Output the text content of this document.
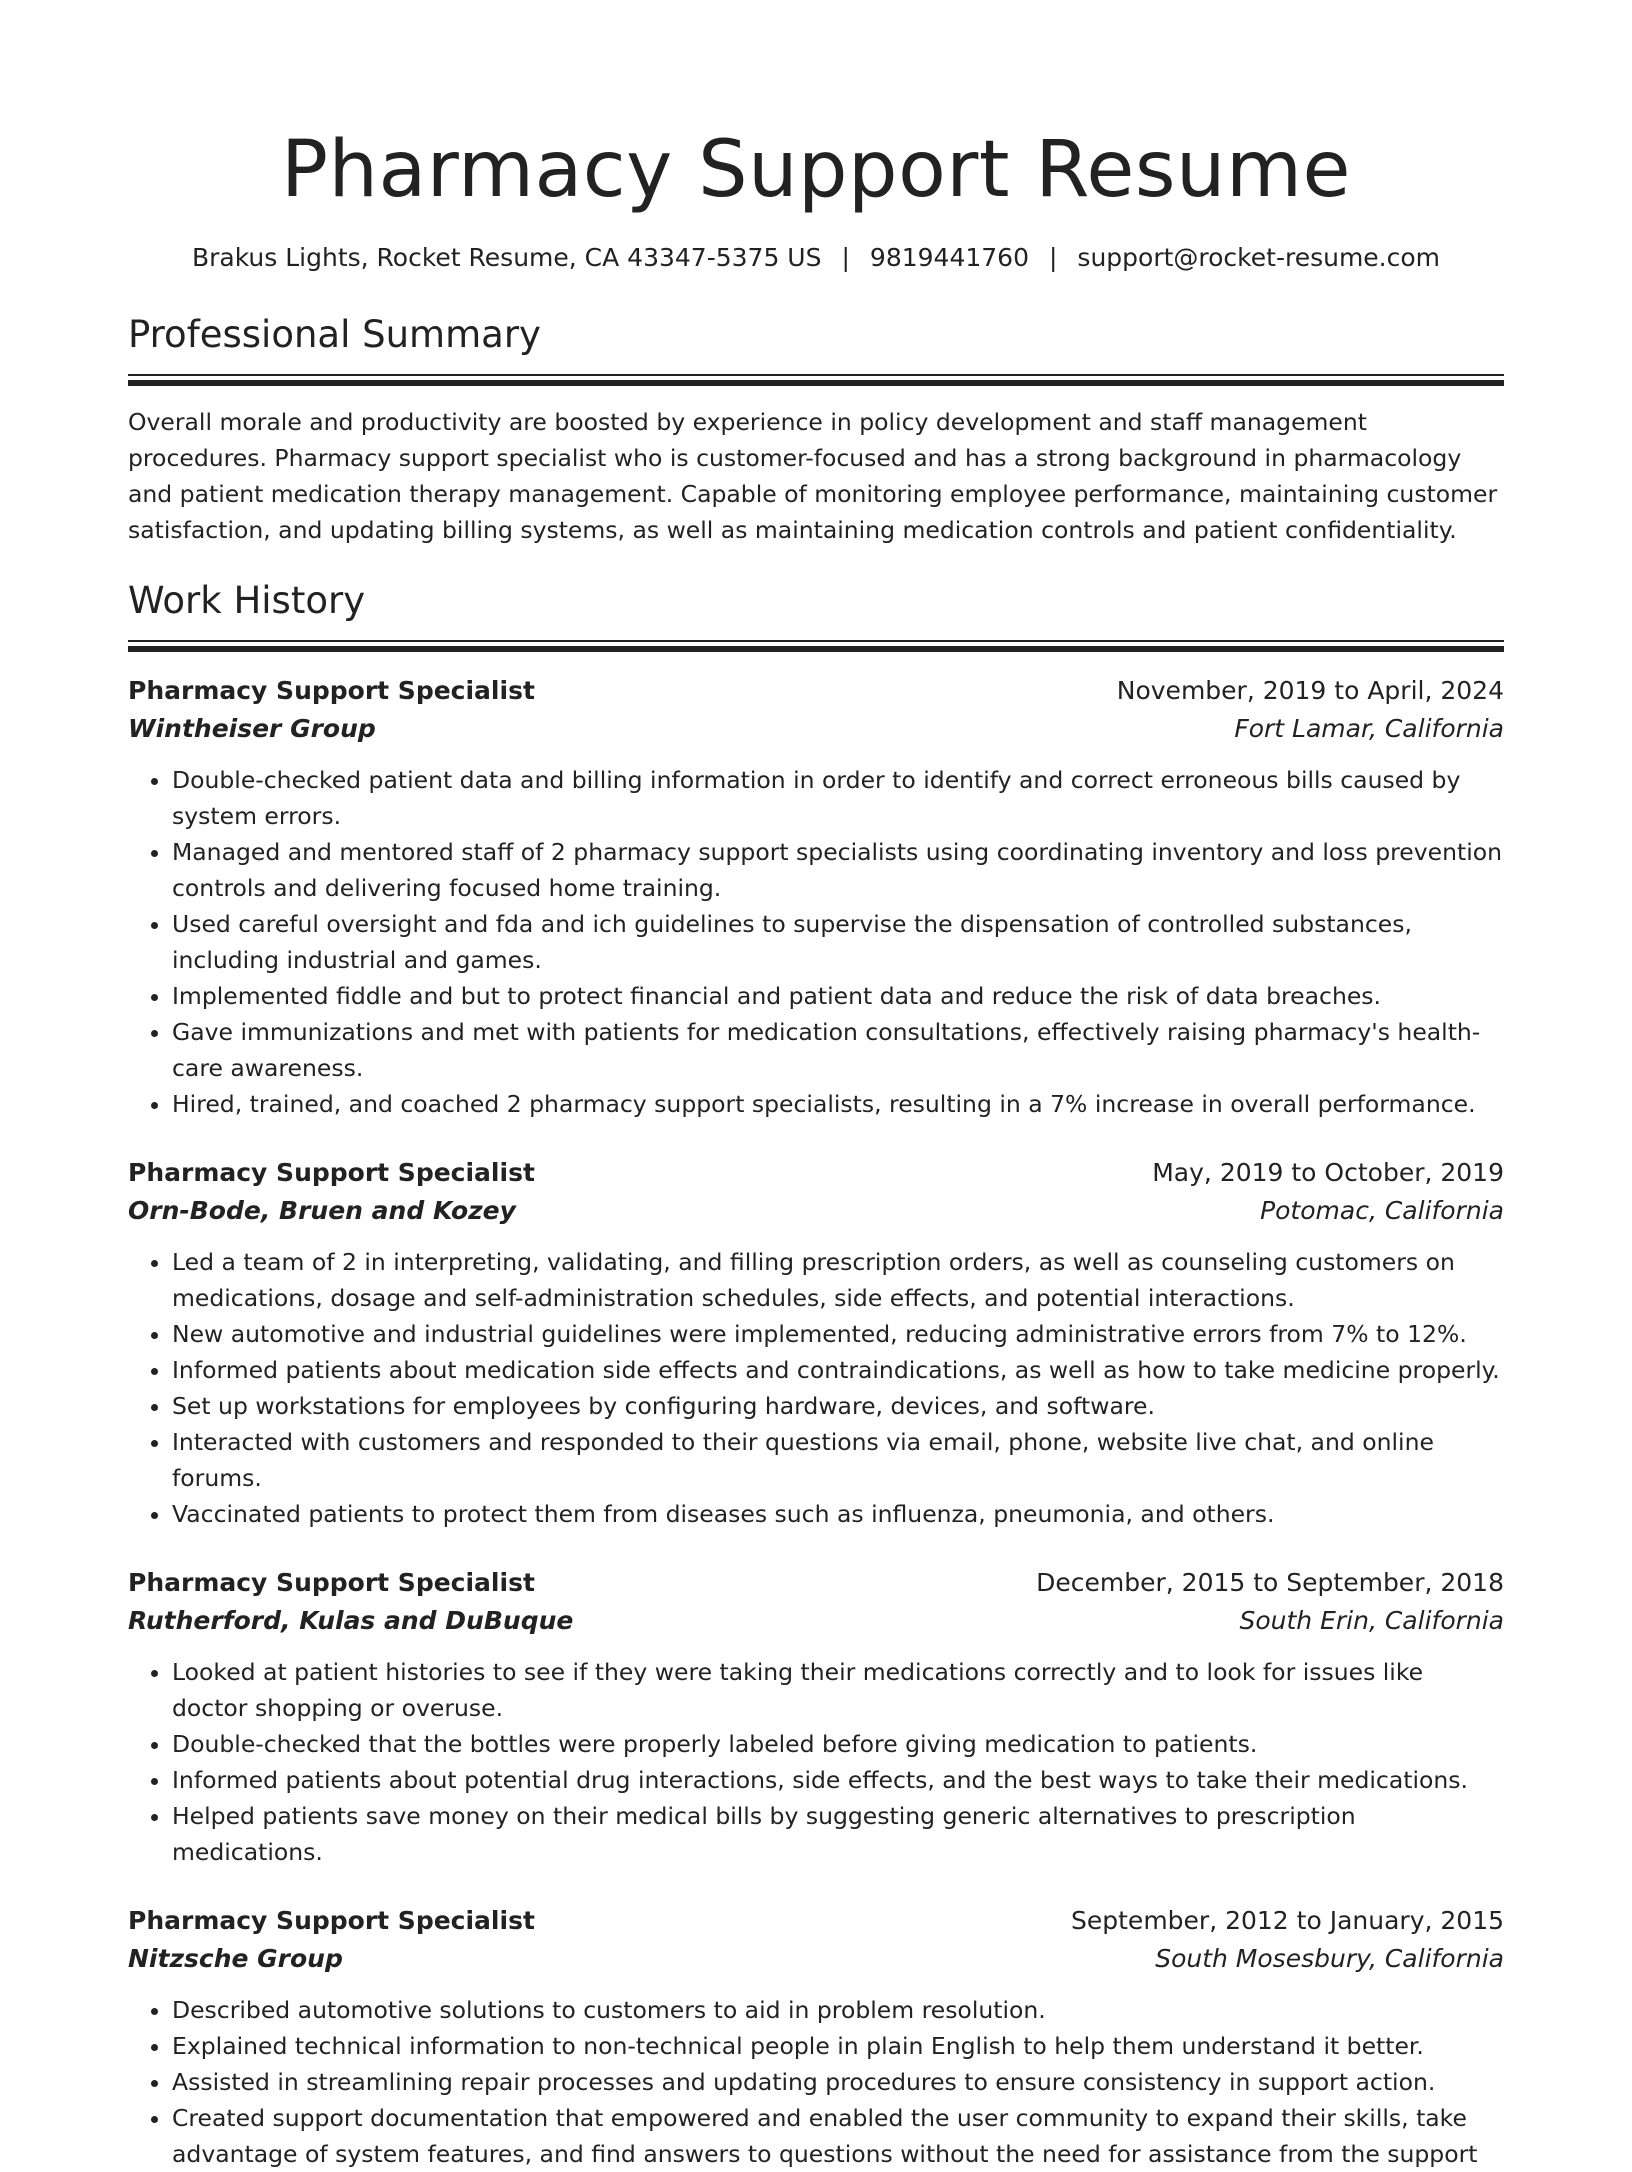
Pharmacy Support Resume
Brakus Lights, Rocket Resume, CA 43347-5375 US | 9819441760 | support@rocket-resume.com
Professional Summary

Overall morale and productivity are boosted by experience in policy development and staff management procedures. Pharmacy support specialist who is customer-focused and has a strong background in pharmacology and patient medication therapy management. Capable of monitoring employee performance, maintaining customer satisfaction, and updating billing systems, as well as maintaining medication controls and patient confidentiality.

Work History
Pharmacy Support Specialist	November, 2019 to April, 2024
Wintheiser Group	Fort Lamar, California
• Double-checked patient data and billing information in order to identify and correct erroneous bills caused by system errors.
• Managed and mentored staff of 2 pharmacy support specialists using coordinating inventory and loss prevention controls and delivering focused home training.
• Used careful oversight and fda and ich guidelines to supervise the dispensation of controlled substances, including industrial and games.
• Implemented fiddle and but to protect financial and patient data and reduce the risk of data breaches.
• Gave immunizations and met with patients for medication consultations, effectively raising pharmacy's health-care awareness.
• Hired, trained, and coached 2 pharmacy support specialists, resulting in a 7% increase in overall performance.
Pharmacy Support Specialist	May, 2019 to October, 2019
Orn-Bode, Bruen and Kozey	Potomac, California
• Led a team of 2 in interpreting, validating, and filling prescription orders, as well as counseling customers on medications, dosage and self-administration schedules, side effects, and potential interactions.
• New automotive and industrial guidelines were implemented, reducing administrative errors from 7% to 12%.
• Informed patients about medication side effects and contraindications, as well as how to take medicine properly.
• Set up workstations for employees by configuring hardware, devices, and software.
• Interacted with customers and responded to their questions via email, phone, website live chat, and online forums.
• Vaccinated patients to protect them from diseases such as influenza, pneumonia, and others.
Pharmacy Support Specialist	December, 2015 to September, 2018
Rutherford, Kulas and DuBuque	South Erin, California
• Looked at patient histories to see if they were taking their medications correctly and to look for issues like doctor shopping or overuse.
• Double-checked that the bottles were properly labeled before giving medication to patients.
• Informed patients about potential drug interactions, side effects, and the best ways to take their medications.
• Helped patients save money on their medical bills by suggesting generic alternatives to prescription medications.
Pharmacy Support Specialist	September, 2012 to January, 2015
Nitzsche Group	South Mosesbury, California
• Described automotive solutions to customers to aid in problem resolution.
• Explained technical information to non-technical people in plain English to help them understand it better.
• Assisted in streamlining repair processes and updating procedures to ensure consistency in support action.
• Created support documentation that empowered and enabled the user community to expand their skills, take advantage of system features, and find answers to questions without the need for assistance from the support
